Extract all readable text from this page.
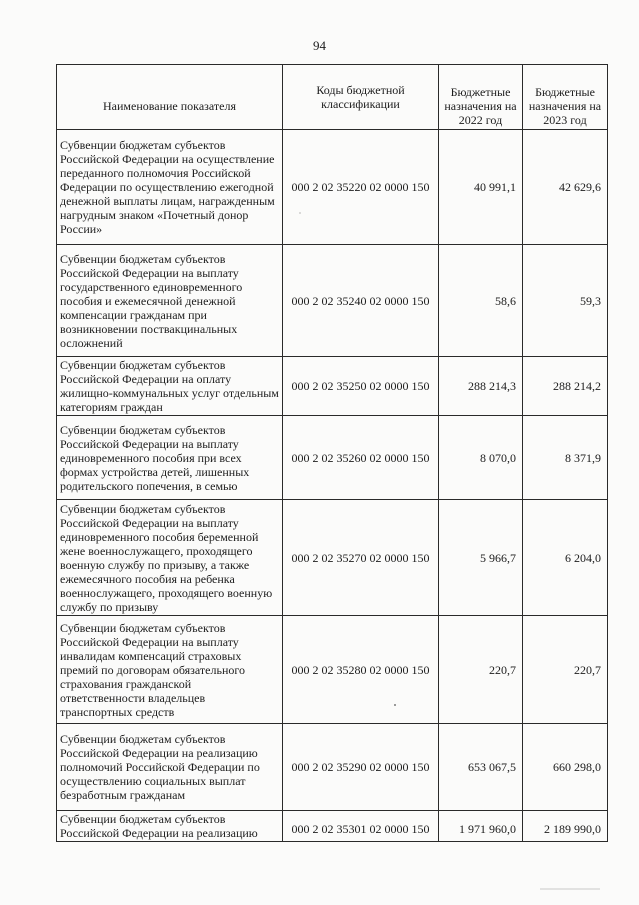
94
Наименование показателя	Коды бюджетной классификации	Бюджетные назначения на 2022 год	Бюджетные назначения на 2023 год
Субвенции бюджетам субъектов Российской Федерации на осуществление переданного полномочия Российской Федерации по осуществлению ежегодной денежной выплаты лицам, награжденным нагрудным знаком «Почетный донор России»	000 2 02 35220 02 0000 150	40 991,1	42 629,6
Субвенции бюджетам субъектов Российской Федерации на выплату государственного единовременного пособия и ежемесячной денежной компенсации гражданам при возникновении поствакцинальных осложнений	000 2 02 35240 02 0000 150	58,6	59,3
Субвенции бюджетам субъектов Российской Федерации на оплату жилищно-коммунальных услуг отдельным категориям граждан	000 2 02 35250 02 0000 150	288 214,3	288 214,2
Субвенции бюджетам субъектов Российской Федерации на выплату единовременного пособия при всех формах устройства детей, лишенных родительского попечения, в семью	000 2 02 35260 02 0000 150	8 070,0	8 371,9
Субвенции бюджетам субъектов Российской Федерации на выплату единовременного пособия беременной жене военнослужащего, проходящего военную службу по призыву, а также ежемесячного пособия на ребенка военнослужащего, проходящего военную службу по призыву	000 2 02 35270 02 0000 150	5 966,7	6 204,0
Субвенции бюджетам субъектов Российской Федерации на выплату инвалидам компенсаций страховых премий по договорам обязательного страхования гражданской ответственности владельцев транспортных средств	000 2 02 35280 02 0000 150	220,7	220,7
Субвенции бюджетам субъектов Российской Федерации на реализацию полномочий Российской Федерации по осуществлению социальных выплат безработным гражданам	000 2 02 35290 02 0000 150	653 067,5	660 298,0
Субвенции бюджетам субъектов Российской Федерации на реализацию	000 2 02 35301 02 0000 150	1 971 960,0	2 189 990,0
